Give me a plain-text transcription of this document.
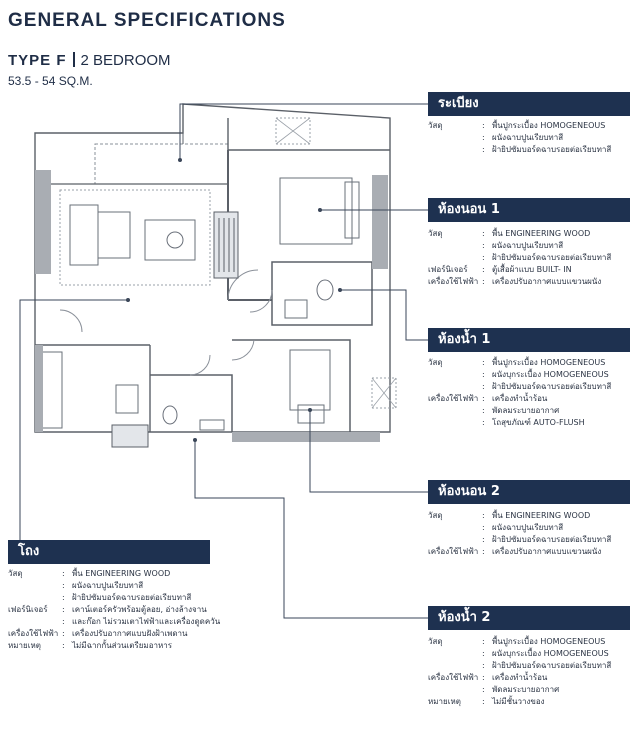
GENERAL SPECIFICATIONS
TYPE F 2 BEDROOM
53.5 - 54 SQ.M.
ระเบียง
วัสดุ	: พื้นปูกระเบื้อง HOMOGENEOUS
: ผนังฉาบปูนเรียบทาสี
: ฝ้ายิปซัมบอร์ดฉาบรอยต่อเรียบทาสี
ห้องนอน 1
วัสดุ	: พื้น ENGINEERING WOOD
: ผนังฉาบปูนเรียบทาสี
: ฝ้ายิปซัมบอร์ดฉาบรอยต่อเรียบทาสี
เฟอร์นิเจอร์	: ตู้เสื้อผ้าแบบ BUILT- IN
เครื่องใช้ไฟฟ้า : เครื่องปรับอากาศแบบแขวนผนัง
ห้องน้ำ 1
วัสดุ	: พื้นปูกระเบื้อง HOMOGENEOUS
: ผนังบุกระเบื้อง HOMOGENEOUS
: ฝ้ายิปซัมบอร์ดฉาบรอยต่อเรียบทาสี
เครื่องใช้ไฟฟ้า : เครื่องทำน้ำร้อน
: พัดลมระบายอากาศ
: โถสุขภัณฑ์ AUTO-FLUSH
ห้องนอน 2
วัสดุ	: พื้น ENGINEERING WOOD
: ผนังฉาบปูนเรียบทาสี
: ฝ้ายิปซัมบอร์ดฉาบรอยต่อเรียบทาสี
เครื่องใช้ไฟฟ้า : เครื่องปรับอากาศแบบแขวนผนัง
โถง
วัสดุ	: พื้น ENGINEERING WOOD
: ผนังฉาบปูนเรียบทาสี
: ฝ้ายิปซัมบอร์ดฉาบรอยต่อเรียบทาสี
เฟอร์นิเจอร์	: เคาน์เตอร์ครัวพร้อมตู้ลอย, อ่างล้างจาน
: และก๊อก ไม่รวมเตาไฟฟ้าและเครื่องดูดควัน
เครื่องใช้ไฟฟ้า : เครื่องปรับอากาศแบบฝังฝ้าเพดาน
หมายเหตุ	: ไม่มีฉากกั้นส่วนเตรียมอาหาร
ห้องน้ำ 2
วัสดุ	: พื้นปูกระเบื้อง HOMOGENEOUS
: ผนังบุกระเบื้อง HOMOGENEOUS
: ฝ้ายิปซัมบอร์ดฉาบรอยต่อเรียบทาสี
เครื่องใช้ไฟฟ้า : เครื่องทำน้ำร้อน
: พัดลมระบายอากาศ
หมายเหตุ	: ไม่มีชั้นวางของ
